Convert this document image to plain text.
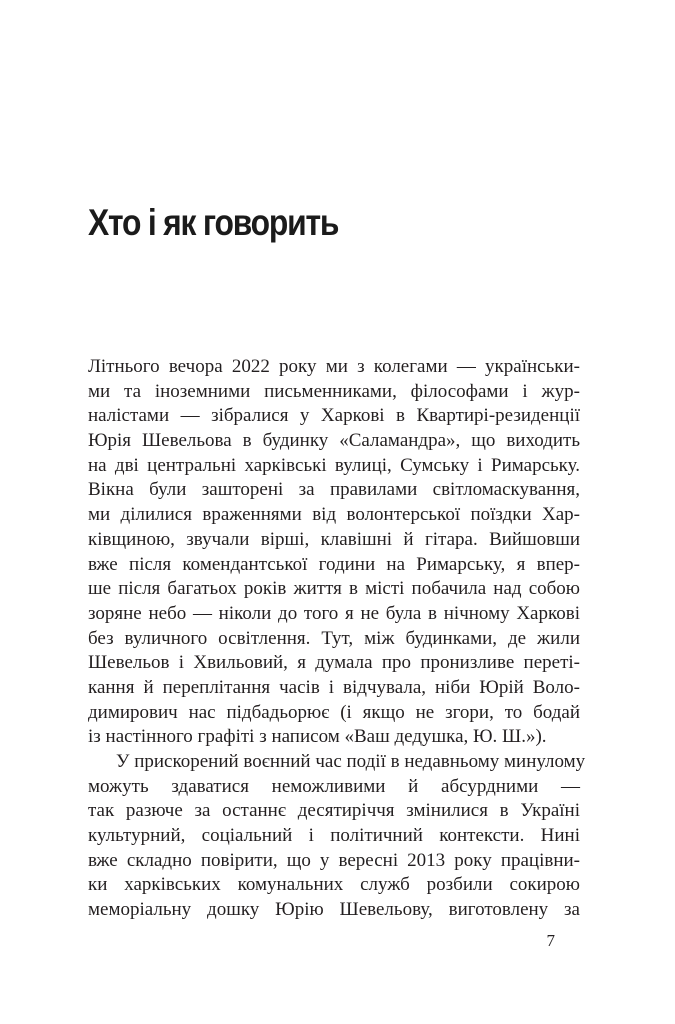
Хто і як говорить
Літнього вечора 2022 року ми з колегами — українськи-
ми та іноземними письменниками, філософами і жур-
налістами — зібралися у Харкові в Квартирі-резиденції
Юрія Шевельова в будинку «Саламандра», що виходить
на дві центральні харківські вулиці, Сумську і Римарську.
Вікна були зашторені за правилами світломаскування,
ми ділилися враженнями від волонтерської поїздки Хар-
ківщиною, звучали вірші, клавішні й гітара. Вийшовши
вже після комендантської години на Римарську, я впер-
ше після багатьох років життя в місті побачила над собою
зоряне небо — ніколи до того я не була в нічному Харкові
без вуличного освітлення. Тут, між будинками, де жили
Шевельов і Хвильовий, я думала про пронизливе переті-
кання й переплітання часів і відчувала, ніби Юрій Воло-
димирович нас підбадьорює (і якщо не згори, то бодай
із настінного графіті з написом «Ваш дедушка, Ю. Ш.»).
У прискорений воєнний час події в недавньому минулому
можуть здаватися неможливими й абсурдними —
так разюче за останнє десятиріччя змінилися в Україні
культурний, соціальний і політичний контексти. Нині
вже складно повірити, що у вересні 2013 року працівни-
ки харківських комунальних служб розбили сокирою
меморіальну дошку Юрію Шевельову, виготовлену за
7
